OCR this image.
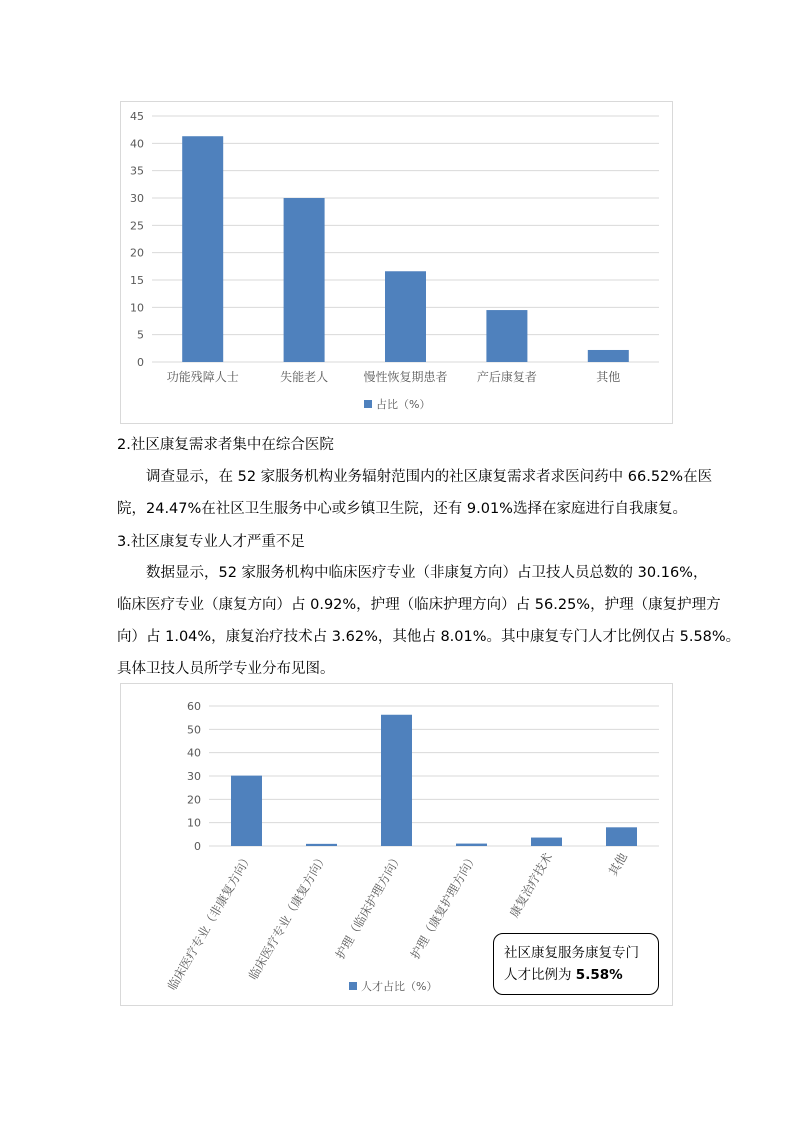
0
5
10
15
20
25
30
35
40
45
功能残障人士	失能老人	慢性恢复期患者 产后康复者	其他
占比（%）
2.社区康复需求者集中在综合医院
调查显示，在 52 家服务机构业务辐射范围内的社区康复需求者求医问药中 66.52%在医
院，24.47%在社区卫生服务中心或乡镇卫生院，还有 9.01%选择在家庭进行自我康复。
3.社区康复专业人才严重不足
数据显示，52 家服务机构中临床医疗专业（非康复方向）占卫技人员总数的 30.16%，
临床医疗专业（康复方向）占 0.92%，护理（临床护理方向）占 56.25%，护理（康复护理方
向）占 1.04%，康复治疗技术占 3.62%，其他占 8.01%。其中康复专门人才比例仅占 5.58%。
具体卫技人员所学专业分布见图。
0
10
20
30
40
50
60
临床医疗专业（非康复方向）
临床医疗专业（康复方向） 护理（临床护理方向） 护理（康复护理方向） 康复治疗技术	其他
人才占比（%）
社区康复服务康复专门
人才比例为 5.58%
